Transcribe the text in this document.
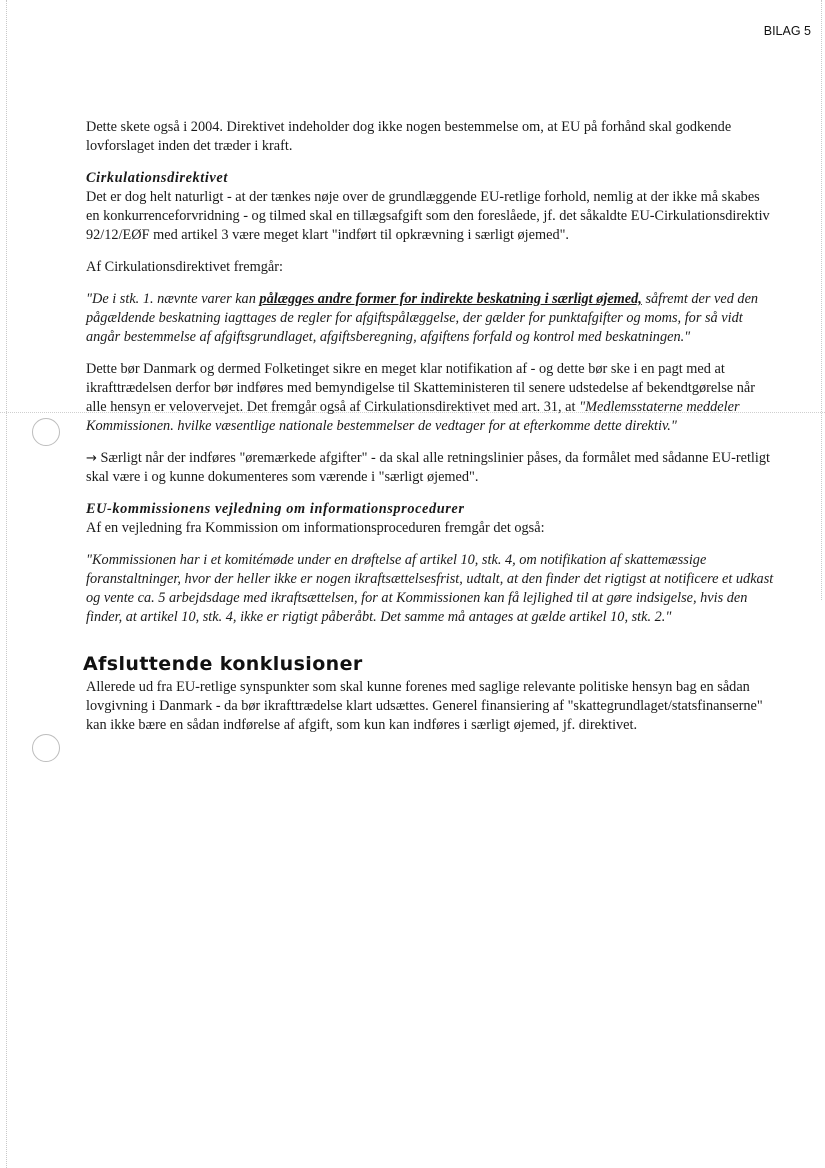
BILAG 5

Dette skete også i 2004. Direktivet indeholder dog ikke nogen bestemmelse om, at EU på forhånd skal godkende lovforslaget inden det træder i kraft.

Cirkulationsdirektivet

Det er dog helt naturligt - at der tænkes nøje over de grundlæggende EU-retlige forhold, nemlig at der ikke må skabes en konkurrenceforvridning - og tilmed skal en tillægsafgift som den foreslåede, jf. det såkaldte EU-Cirkulationsdirektiv 92/12/EØF med artikel 3 være meget klart "indført til opkrævning i særligt øjemed".

Af Cirkulationsdirektivet fremgår:

"De i stk. 1. nævnte varer kan pålægges andre former for indirekte beskatning i særligt øjemed, såfremt der ved den pågældende beskatning iagttages de regler for afgiftspålæggelse, der gælder for punktafgifter og moms, for så vidt angår bestemmelse af afgiftsgrundlaget, afgiftsberegning, afgiftens forfald og kontrol med beskatningen."

Dette bør Danmark og dermed Folketinget sikre en meget klar notifikation af - og dette bør ske i en pagt med at ikrafttrædelsen derfor bør indføres med bemyndigelse til Skatteministeren til senere udstedelse af bekendtgørelse når alle hensyn er velovervejet. Det fremgår også af Cirkulationsdirektivet med art. 31, at "Medlemsstaterne meddeler Kommissionen. hvilke væsentlige nationale bestemmelser de vedtager for at efterkomme dette direktiv."

→ Særligt når der indføres "øremærkede afgifter" - da skal alle retningslinier påses, da formålet med sådanne EU-retligt skal være i og kunne dokumenteres som værende i "særligt øjemed".

EU-kommissionens vejledning om informationsprocedurer

Af en vejledning fra Kommission om informationsproceduren fremgår det også:

"Kommissionen har i et komitémøde under en drøftelse af artikel 10, stk. 4, om notifikation af skattemæssige foranstaltninger, hvor der heller ikke er nogen ikraftsættelsesfrist, udtalt, at den finder det rigtigst at notificere et udkast og vente ca. 5 arbejdsdage med ikraftsættelsen, for at Kommissionen kan få lejlighed til at gøre indsigelse, hvis den finder, at artikel 10, stk. 4, ikke er rigtigt påberåbt. Det samme må antages at gælde artikel 10, stk. 2."

Afsluttende konklusioner

Allerede ud fra EU-retlige synspunkter som skal kunne forenes med saglige relevante politiske hensyn bag en sådan lovgivning i Danmark - da bør ikrafttrædelse klart udsættes. Generel finansiering af "skattegrundlaget/statsfinanserne" kan ikke bære en sådan indførelse af afgift, som kun kan indføres i særligt øjemed, jf. direktivet.
